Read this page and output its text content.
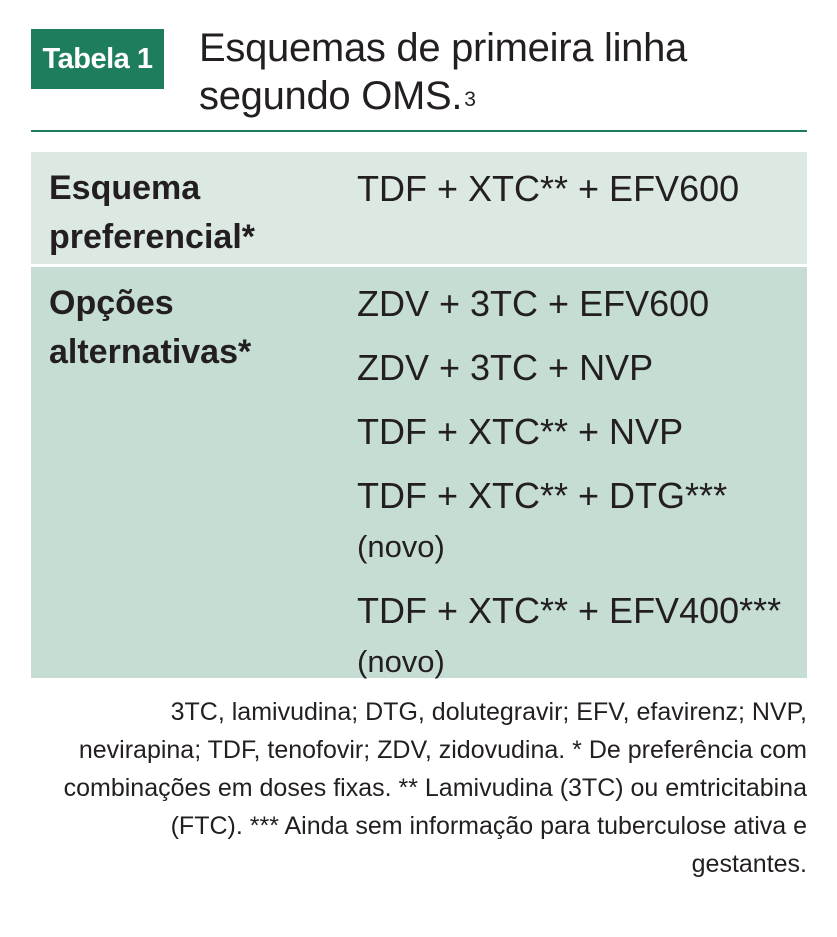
Tabela 1 Esquemas de primeira linha segundo OMS.$^3$
Esquema preferencial*
TDF + XTC** + EFV600
Opções alternativas*
ZDV + 3TC + EFV600
ZDV + 3TC + NVP
TDF + XTC** + NVP
TDF + XTC** + DTG*** (novo)
TDF + XTC** + EFV400*** (novo)
3TC, lamivudina; DTG, dolutegravir; EFV, efavirenz; NVP, nevirapina; TDF, tenofovir; ZDV, zidovudina. * De preferência com combinações em doses fixas. ** Lamivudina (3TC) ou emtricitabina (FTC). *** Ainda sem informação para tuberculose ativa e gestantes.
